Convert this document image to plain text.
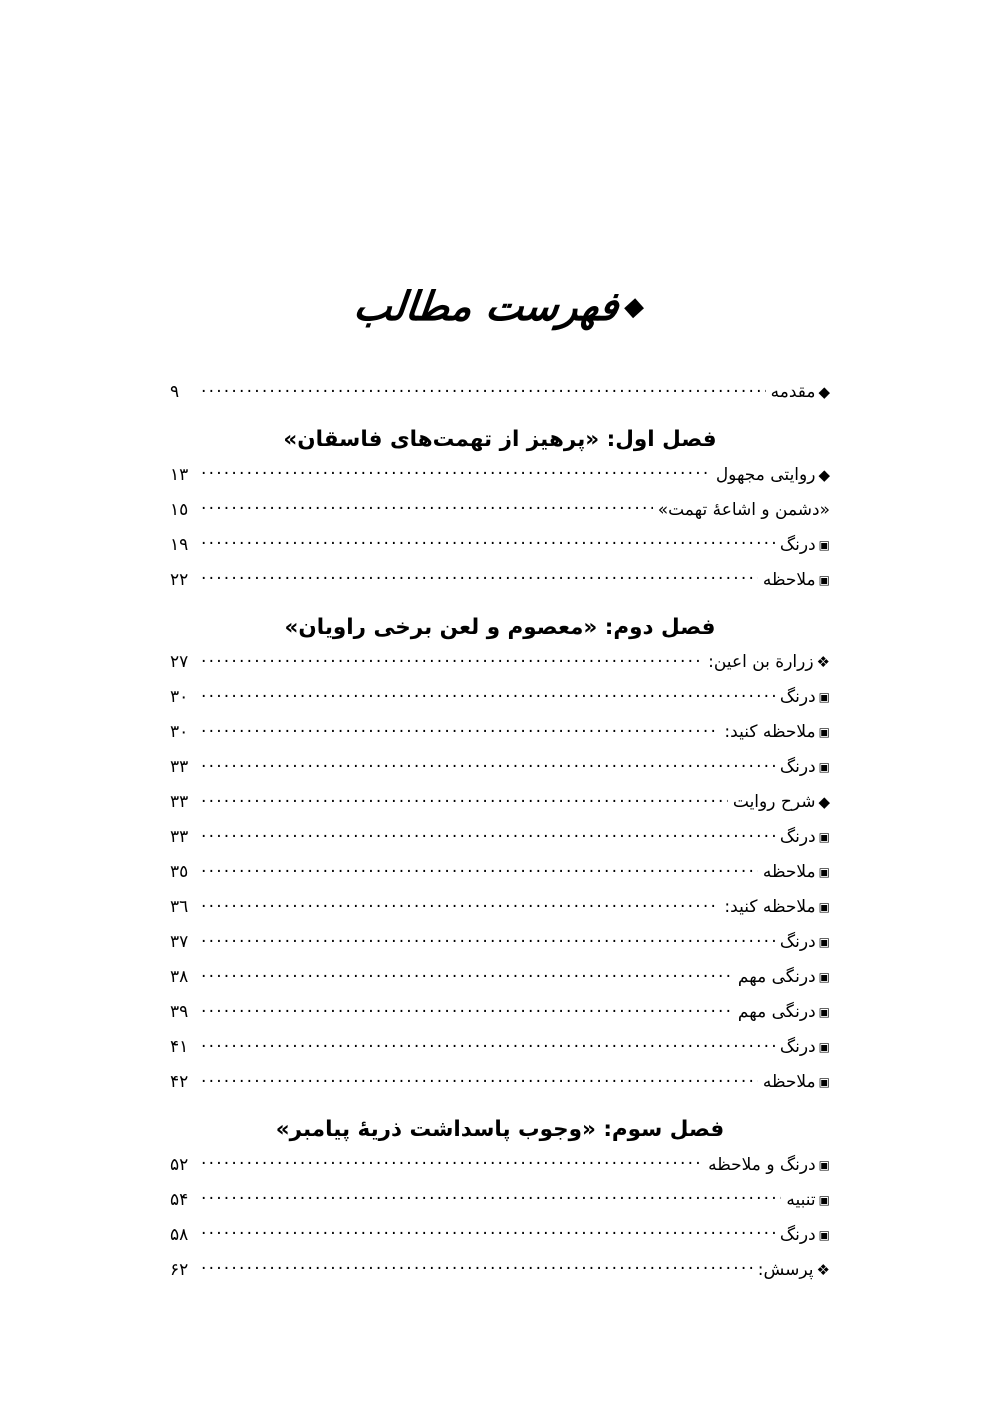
◆فهرست مطالب
◆
مقدمه
.....
٩
فصل اول: «پرهیز از تهمت‌های فاسقان»
◆
روایتی مجهول
.....
١٣
«دشمن و اشاعۀ تهمت»
.....
١٥
▣
درنگ
.....
١٩
▣
ملاحظه
.....
٢٢
فصل دوم: «معصوم و لعن برخی راویان»
❖
زرارة بن اعین:
.....
٢٧
▣
درنگ
.....
٣٠
▣
ملاحظه کنید:
.....
٣٠
▣
درنگ
.....
٣٣
◆
شرح روایت
.....
٣٣
▣
درنگ
.....
٣٣
▣
ملاحظه
.....
٣٥
▣
ملاحظه کنید:
.....
٣٦
▣
درنگ
.....
٣٧
▣
درنگی مهم
.....
٣٨
▣
درنگی مهم
.....
٣٩
▣
درنگ
.....
۴١
▣
ملاحظه
.....
۴٢
فصل سوم: «وجوب پاسداشت ذریۀ پیامبر»
▣
درنگ و ملاحظه
.....
۵٢
▣
تنبیه
.....
۵۴
▣
درنگ
.....
۵۸
❖
پرسش:
.....
۶٢
